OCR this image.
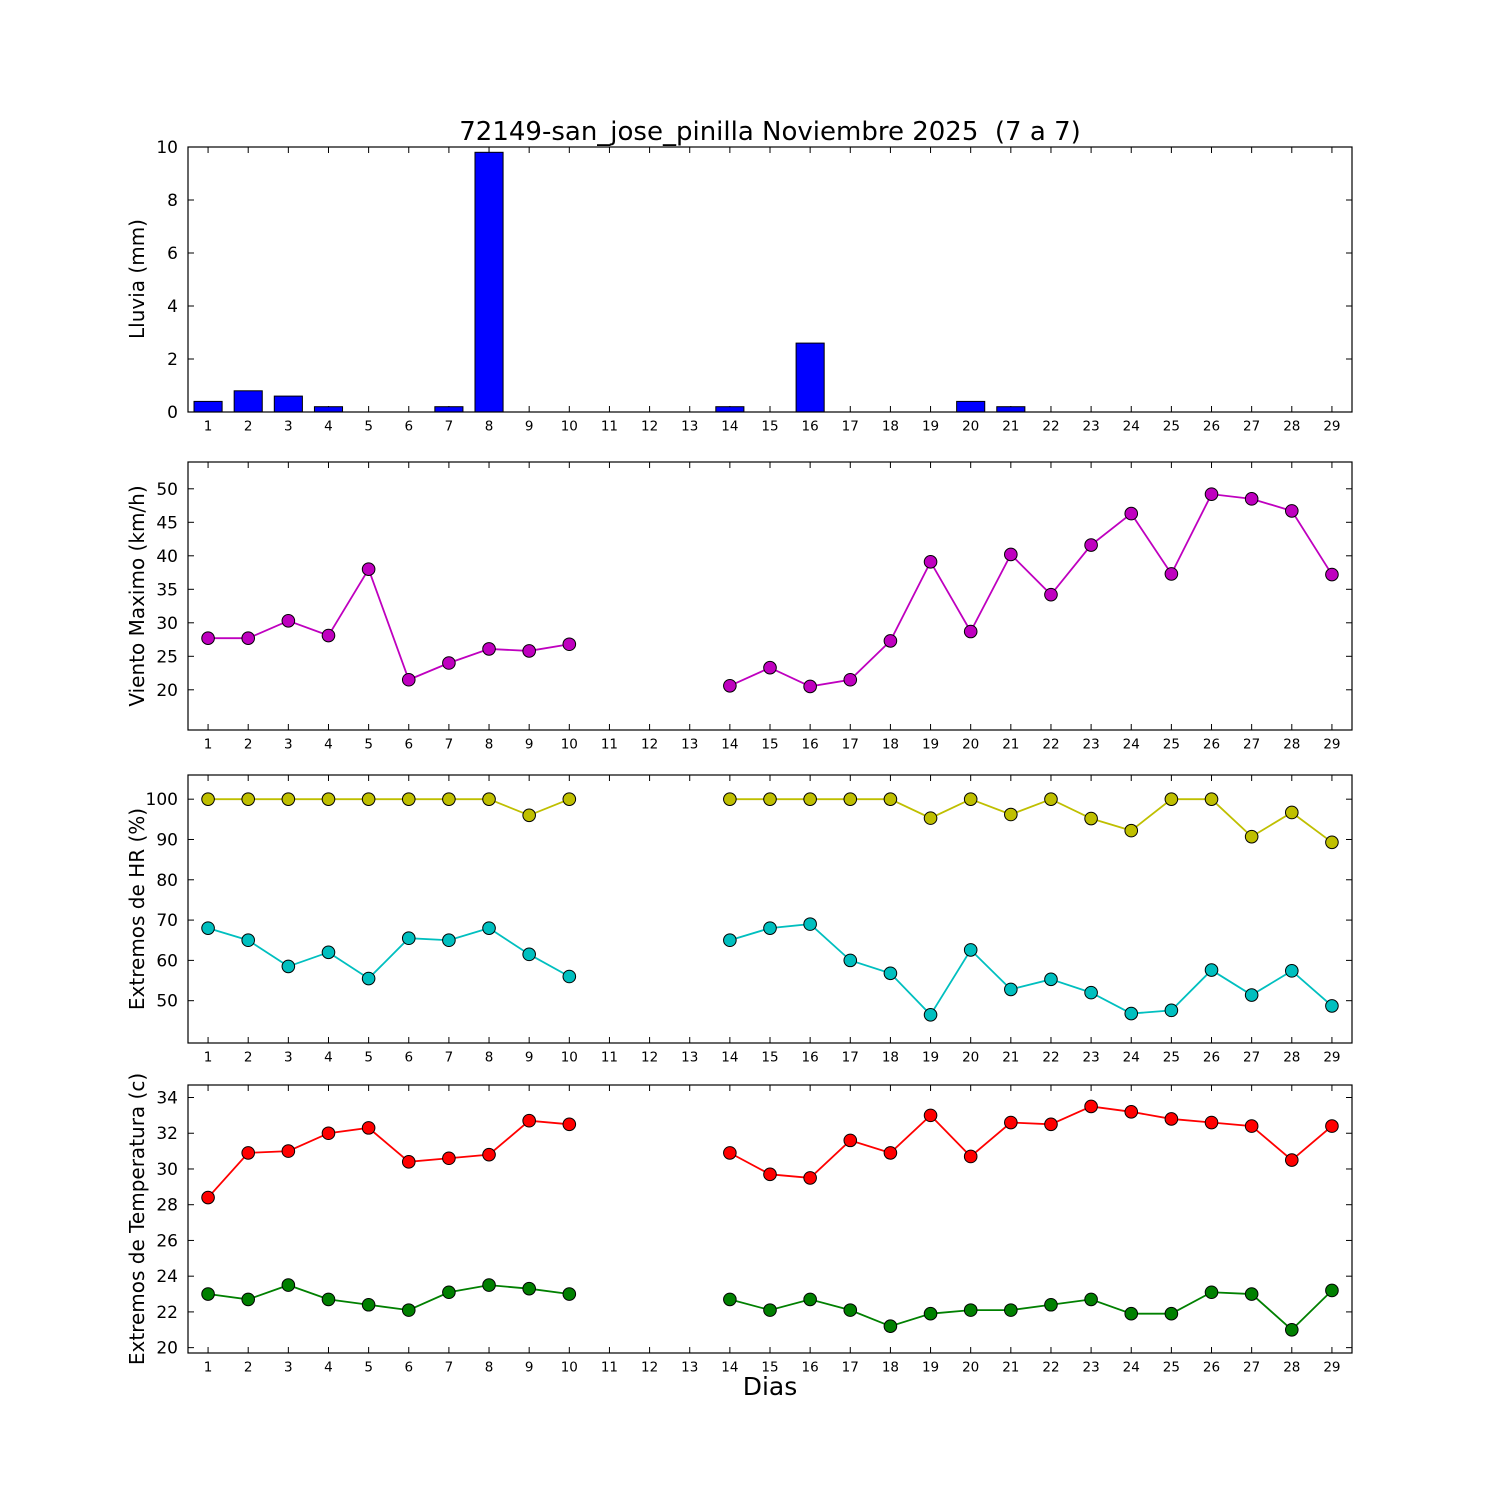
72149-san_jose_pinilla Noviembre 2025  (7 a 7)
Lluvia (mm)
Viento Maximo (km/h)
Extremos de HR (%)
Extremos de Temperatura (c)
1 2 3 4 5 6 7 8 9 10 11 12 13 14 15 16 17 18 19 20 21 22 23 24 25 26 27 28 29
0
2
4
6
8
10
1 2 3 4 5 6 7 8 9 10 11 12 13 14 15 16 17 18 19 20 21 22 23 24 25 26 27 28 29
20
25
30
35
40
45
50
1 2 3 4 5 6 7 8 9 10 11 12 13 14 15 16 17 18 19 20 21 22 23 24 25 26 27 28 29
50
60
70
80
90
100
1 2 3 4 5 6 7 8 9 10 11 12 13 14 15 16 17 18 19 20 21 22 23 24 25 26 27 28 29
20
22
24
26
28
30
32
34
Dias
